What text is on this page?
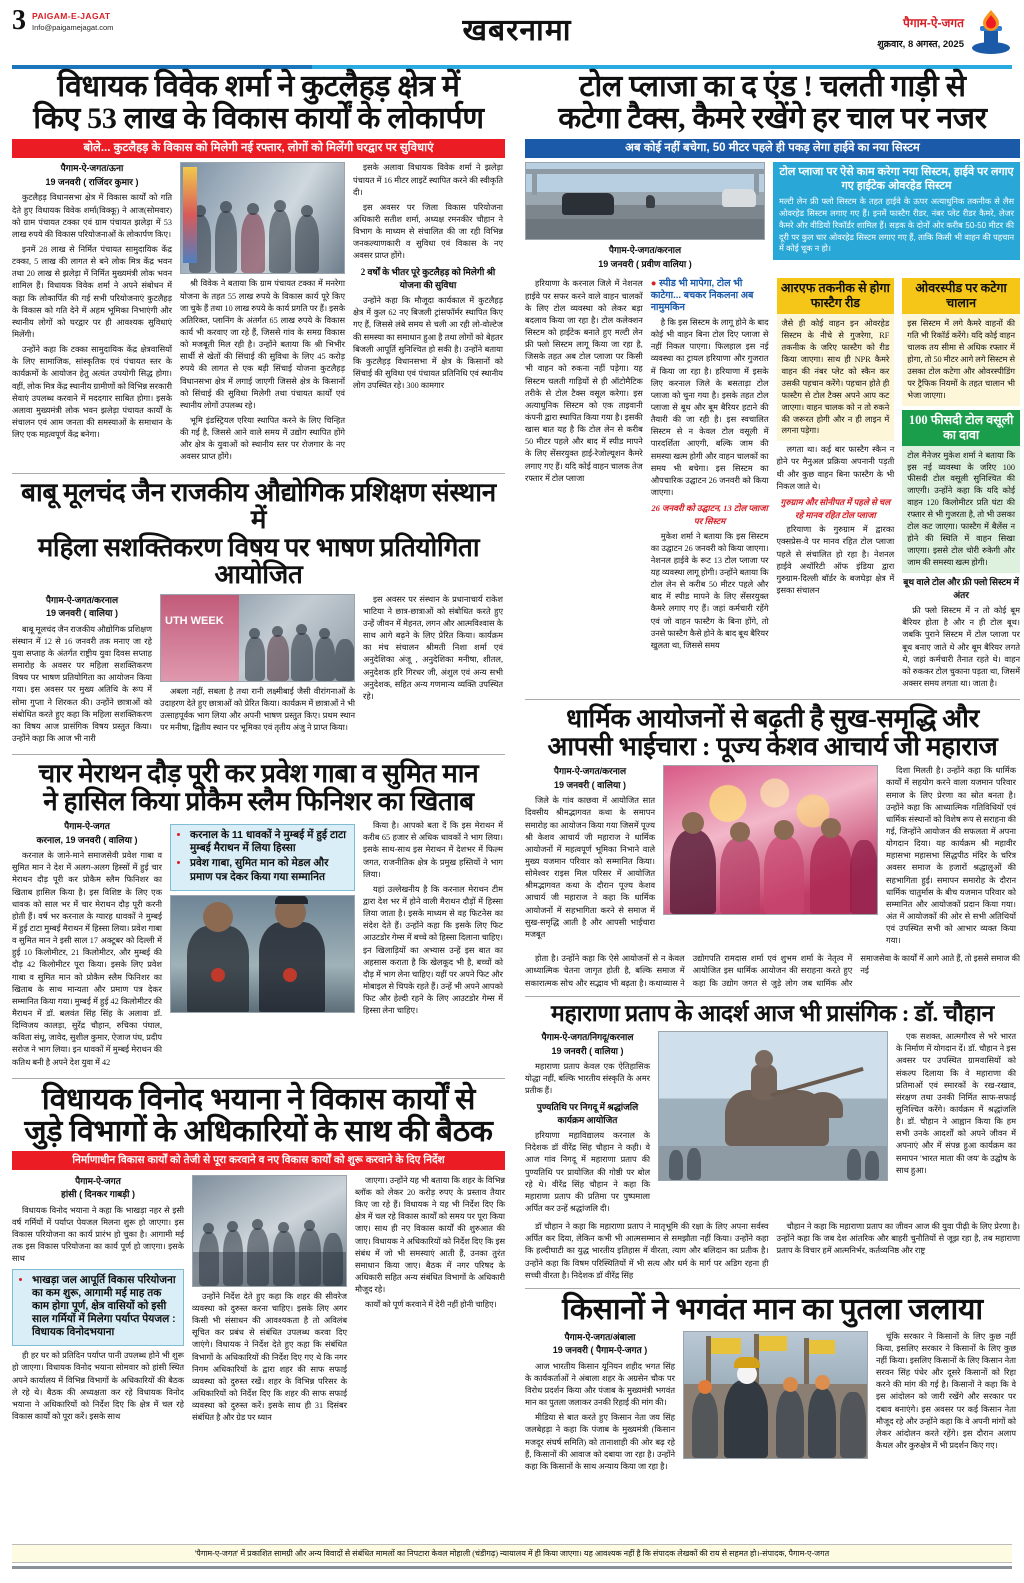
3 PAIGAM-E-JAGAT
Info@paigamejagat.com	खबरनामा	पैगाम-ऐ-जगत
शुक्रवार, 8 अगस्त, 2025
विधायक विवेक शर्मा ने कुटलैहड़ क्षेत्र में
किए 53 लाख के विकास कार्यों के लोकार्पण
बोले... कुटलैहड़ के विकास को मिलेगी नई रफ्तार, लोगों को मिलेंगी घरद्वार पर सुविधाएं
पैगाम-ऐ-जगत/ऊना
19 जनवरी ( राजिंदर कुमार )

कुटलैहड़ विधानसभा क्षेत्र में विकास कार्यों को गति देते हुए विधायक विवेक शर्मा(विक्कू) ने आज(सोमवार) को ग्राम पंचायत टक्का एवं ग्राम पंचायत झलेड़ा में 53 लाख रुपये की विकास परियोजनाओं के लोकार्पण किए।

इनमें 28 लाख से निर्मित पंचायत सामुदायिक केंद्र टक्का, 5 लाख की लागत से बने लोक मित्र केंद्र भवन तथा 20 लाख से झलेड़ा में निर्मित मुख्यमंत्री लोक भवन शामिल हैं। विधायक विवेक शर्मा ने अपने संबोधन में कहा कि लोकार्पित की गई सभी परियोजनाएं कुटलैहड़ के विकास को गति देने में अहम भूमिका निभाएंगी और स्थानीय लोगों को घरद्वार पर ही आवश्यक सुविधाएं मिलेंगी।

उन्होंने कहा कि टक्का सामुदायिक केंद्र क्षेत्रवासियों के लिए सामाजिक, सांस्कृतिक एवं पंचायत स्तर के कार्यक्रमों के आयोजन हेतु अत्यंत उपयोगी सिद्ध होगा। वहीं, लोक मित्र केंद्र स्थानीय ग्रामीणों को विभिन्न सरकारी सेवाएं उपलब्ध करवाने में मददगार साबित होगा। इसके अलावा मुख्यमंत्री लोक भवन झलेड़ा पंचायत कार्यों के संचालन एवं आम जनता की समस्याओं के समाधान के लिए एक महत्वपूर्ण केंद्र बनेगा।

श्री विवेक ने बताया कि ग्राम पंचायत टक्का में मनरेगा योजना के तहत 55 लाख रुपये के विकास कार्य पूरे किए जा चुके हैं तथा 10 लाख रुपये के कार्य प्रगति पर हैं। इसके अतिरिक्त, प्लानिंग के अंतर्गत 65 लाख रुपये के विकास कार्य भी करवाए जा रहे हैं, जिससे गांव के समग्र विकास को मजबूती मिल रही है। उन्होंने बताया कि श्री भिभीर सार्थी से खेतों की सिंचाई की सुविधा के लिए 45 करोड़ रुपये की लागत से एक बड़ी सिंचाई योजना कुटलैहड़ विधानसभा क्षेत्र में लगाई जाएगी जिससे क्षेत्र के किसानों को सिंचाई की सुविधा मिलेगी तथा पंचायत कार्यों एवं स्थानीय लोगों उपलब्ध रहे।

भूमि इंडस्ट्रियल एरिया स्थापित करने के लिए चिन्हित की गई है, जिससे आने वाले समय में उद्योग स्थापित होंगे और क्षेत्र के युवाओं को स्थानीय स्तर पर रोजगार के नए अवसर प्राप्त होंगे।

इसके अलावा विधायक विवेक शर्मा ने झलेड़ा पंचायत में 16 मीटर लाइटें स्थापित करने की स्वीकृति दी।

इस अवसर पर जिला विकास परियोजना अधिकारी सतीश शर्मा, अध्यक्ष रमनकीर चौहान ने विभाग के माध्यम से संचालित की जा रही विभिन्न जनकल्याणकारी व सुविधा एवं विकास के नए अवसर प्राप्त होंगे।

2 वर्षों के भीतर पूरे कुटलैहड़ को मिलेगी श्री योजना की सुविधा

उन्होंने कहा कि मौजूदा कार्यकाल में कुटलैहड़ क्षेत्र में कुल 62 नए बिजली ट्रांसफॉर्मर स्थापित किए गए हैं, जिससे लंबे समय से चली आ रही लो-वोल्टेज की समस्या का समाधान हुआ है तथा लोगों को बेहतर बिजली आपूर्ति सुनिश्चित हो सकी है। उन्होंने बताया कि कुटलैहड़ विधानसभा में क्षेत्र के किसानों को सिंचाई की सुविधा एवं पंचायत प्रतिनिधि एवं स्थानीय लोग उपस्थित रहे। 300 कामगार

बाबू मूलचंद जैन राजकीय औद्योगिक प्रशिक्षण संस्थान में
महिला सशक्तिकरण विषय पर भाषण प्रतियोगिता आयोजित
पैगाम-ऐ-जगत/करनाल
19 जनवरी ( वालिया )

बाबू मूलचंद जैन राजकीय औद्योगिक प्रशिक्षण संस्थान में 12 से 16 जनवरी तक मनाए जा रहे युवा सप्ताह के अंतर्गत राष्ट्रीय युवा दिवस सप्ताह समारोह के अवसर पर महिला सशक्तिकरण विषय पर भाषण प्रतियोगिता का आयोजन किया गया। इस अवसर पर मुख्य अतिथि के रूप में सोमा गुप्ता ने शिरकत की। उन्होंने छात्राओं को संबोधित करते हुए कहा कि महिला सशक्तिकरण का विषय आज प्रासंगिक विषय प्रस्तुत किया। उन्होंने कहा कि आज भी नारी

UTH WEEK

अबला नहीं, सबला है तथा रानी लक्ष्मीबाई जैसी वीरांगनाओं के उदाहरण देते हुए छात्राओं को प्रेरित किया। कार्यक्रम में छात्राओं ने भी उत्साहपूर्वक भाग लिया और अपनी भाषण प्रस्तुत किए। प्रथम स्थान पर मनीषा, द्वितीय स्थान पर भूमिका एवं तृतीय अंजु ने प्राप्त किया।

इस अवसर पर संस्थान के प्रधानाचार्य राकेश भाटिया ने छात्र-छात्राओं को संबोधित करते हुए उन्हें जीवन में मेहनत, लगन और आत्मविश्वास के साथ आगे बढ़ने के लिए प्रेरित किया। कार्यक्रम का मंच संचालन श्रीमती निशा शर्मा एवं अनुदेशिका अंजू , अनुदेशिका मनीषा, शीतल, अनुदेशक हरि गिरधर जी, अंशुल एवं अन्य सभी अनुदेशक, सहित अन्य गणमान्य व्यक्ति उपस्थित रहे।

चार मेराथन दौड़ पूरी कर प्रवेश गाबा व सुमित मान
ने हासिल किया प्रोकैम स्लैम फिनिशर का खिताब
पैगाम-ऐ-जगत
करनाल, 19 जनवरी ( वालिया )

करनाल के जाने-माने समाजसेवी प्रवेश गाबा व सुमित मान ने देश में अलग-अलग हिस्सों में हुई चार मेराथन दौड़ पूरी कर प्रोकैम स्लैम फिनिशर का खिताब हासिल किया है। इस विशिष्ट के लिए एक धावक को साल भर में चार मेराथन दौड़ पूरी करनी होती हैं। वर्ष भर करनाल के ग्यारह धावकों ने मुम्बई में हुई टाटा मुम्बई मैराथन में हिस्सा लिया। प्रवेश गाबा व सुमित मान ने इसी साल 17 अक्टूबर को दिल्ली में हुई 10 किलोमीटर, 21 किलोमीटर, और मुम्बई की दौड़ 42 किलोमीटर पूरा किया। इसके लिए प्रवेश गाबा व सुमित मान को प्रोकैम स्लैम फिनिशर का खिताब के साथ मान्यता और प्रमाण पत्र देकर सम्मानित किया गया। मुम्बई में हुई 42 किलोमीटर की मैराथन में डॉ. बलवंत सिंह सिंह के अलावा डॉ. दिग्विजय कालड़ा, सुरेंद्र चौहान, रुचिका पंघाल, कविता संधू, जावेद, सुशील कुमार, ऐजाज पंघ, प्रदीप सरोज ने भाग लिया। इन धावकों में मुम्बई मेराथन की कतिथ बनी है अपने देश युवा में 42

• करनाल के 11 धावकों ने मुम्बई में हुई टाटा मुम्बई मैराथन में लिया हिस्सा
• प्रवेश गाबा, सुमित मान को मेडल और प्रमाण पत्र देकर किया गया सम्मानित

किया है। आपको बता दें कि इस मेराथन में करीब 65 हजार से अधिक धावकों ने भाग लिया। इसके साथ-साथ इस मेराथन में देशभर में फिल्म जगत, राजनीतिक क्षेत्र के प्रमुख हस्तियों ने भाग लिया।

यहां उल्लेखनीय है कि करनाल मेराथन टीम द्वारा देश भर में होने वाली मैराथन दौड़ों में हिस्सा लिया जाता है। इसके माध्यम से वह फिटनेस का संदेश देते हैं। उन्होंने कहा कि इसके लिए फिट आउटडोर गेम्स में बच्चे को हिस्सा दिलाना चाहिए। इन खिलाड़ियों का अभ्यास उन्हें इस बात का अहसास कराता है कि खेलकूद भी है, बच्चों को दौड़ में भाग लेना चाहिए। यहीं पर अपने फिट और मोबाइल से चिपके रहते हैं। उन्हें भी अपने आपको फिट और हेल्दी रहने के लिए आउटडोर गेम्स में हिस्सा लेना चाहिए।

विधायक विनोद भयाना ने विकास कार्यों से
जुड़े विभागों के अधिकारियों के साथ की बैठक
निर्माणाधीन विकास कार्यों को तेजी से पूरा करवाने व नए विकास कार्यों को शुरू करवाने के दिए निर्देश
पैगाम-ऐ-जगत
हांसी ( दिनकर गाबड़ी )

विधायक विनोद भयाना ने कहा कि भाखड़ा नहर से इसी वर्ष गर्मियों में पर्याप्त पेयजल मिलना शुरू हो जाएगा। इस विकास परियोजना का कार्य प्रारंभ हो चुका है। आगामी मई तक इस विकास परियोजना का कार्य पूर्ण हो जाएगा। इसके साथ

• भाखड़ा जल आपूर्ति विकास परियोजना का कम शुरू, आगामी मई माह तक काम होगा पूर्ण, क्षेत्र वासियों को इसी साल गर्मियों में मिलेगा पर्याप्त पेयजल : विधायक विनोदभयाना

ही हर घर को प्रतिदिन पर्याप्त पानी उपलब्ध होने भी शुरू हो जाएगा। विधायक विनोद भयाना सोमवार को हांसी स्थित अपने कार्यालय में विभिन्न विभागों के अधिकारियों की बैठक ले रहे थे। बैठक की अध्यक्षता कर रहे विधायक विनोद भयाना ने अधिकारियों को निर्देश दिए कि क्षेत्र में चल रहे विकास कार्यों को पूरा करें। इसके साथ

उन्होंने निर्देश देते हुए कहा कि शहर की सीवरेज व्यवस्था को दुरुस्त करना चाहिए। इसके लिए अगर किसी भी संसाधन की आवश्यकता है तो अविलंब सूचित कर प्रबंध से संबंधित उपलब्ध करवा दिए जाएंगे। विधायक ने निर्देश देते हुए कहा कि संबंधित विभागों के अधिकारियों की निर्देश दिए गए थे कि नगर निगम अधिकारियों के द्वारा शहर की साफ सफाई व्यवस्था को दुरुस्त रखें। शहर के विभिन्न परिसर के अधिकारियों को निर्देश दिए कि शहर की साफ सफाई व्यवस्था को दुरुस्त करें। इसके साथ ही 31 दिसंबर संबंधित है और ग्रेड पर ध्यान

जाएगा। उन्होंने यह भी बताया कि शहर के विभिन्न ब्लॉक को लेकर 20 करोड़ रुपए के प्रस्ताव तैयार किए जा रहे हैं। विधायक ने यह भी निर्देश दिए कि क्षेत्र में चल रहे विकास कार्यों को समय पर पूरा किया जाए। साथ ही नए विकास कार्यों की शुरुआत की जाए। विधायक ने अधिकारियों को निर्देश दिए कि इस संबंध में जो भी समस्याएं आती हैं, उनका तुरंत समाधान किया जाए। बैठक में नगर परिषद के अधिकारी सहित अन्य संबंधित विभागों के अधिकारी मौजूद रहे।

कार्यों को पूर्ण करवाने में देरी नहीं होनी चाहिए।

टोल प्लाजा का द एंड ! चलती गाड़ी से
कटेगा टैक्स, कैमरे रखेंगे हर चाल पर नजर
अब कोई नहीं बचेगा, 50 मीटर पहले ही पकड़ लेगा हाईवे का नया सिस्टम
पैगाम-ऐ-जगत/करनाल
19 जनवरी ( प्रवीण वालिया )
टोल प्लाजा पर ऐसे काम करेगा नया सिस्टम, हाईवे पर लगाए गए हाईटेक ओवरहेड सिस्टम
मल्टी लेन फ्री फ्लो सिस्टम के तहत हाईवे के ऊपर अत्याधुनिक तकनीक से लैस ओवरहेड सिस्टम लगाए गए हैं। इनमें फास्टैग रीडर, नंबर प्लेट रीडर कैमरे, लेजर कैमरे और वीडियो रिकॉर्डर शामिल हैं। सड़क के दोनों ओर करीब 50-50 मीटर की दूरी पर कुल चार ओवरहेड सिस्टम लगाए गए हैं, ताकि किसी भी वाहन की पहचान में कोई चूक न हो।

हरियाणा के करनाल जिले में नेशनल हाईवे पर सफर करने वाले वाहन चालकों के लिए टोल व्यवस्था को लेकर बड़ा बदलाव किया जा रहा है। टोल कलेक्शन सिस्टम को हाईटेक बनाते हुए मल्टी लेन फ्री फ्लो सिस्टम लागू किया जा रहा है, जिसके तहत अब टोल प्लाजा पर किसी भी वाहन को रुकना नहीं पड़ेगा। यह सिस्टम चलती गाड़ियों से ही ऑटोमैटिक तरीके से टोल टैक्स वसूल करेगा। इस अत्याधुनिक सिस्टम को एक ताइवानी कंपनी द्वारा स्थापित किया गया है। इसकी खास बात यह है कि टोल लेन से करीब 50 मीटर पहले और बाद में स्पीड मापने के लिए सेंसरयुक्त हाई-रेजोल्यूशन कैमरे लगाए गए हैं। यदि कोई वाहन चालक तेज रफ्तार में टोल प्लाजा

● स्पीड भी मापेगा, टोल भी काटेगा... बचकर निकलना अब नामुमकिन

है कि इस सिस्टम के लागू होने के बाद कोई भी वाहन बिना टोल दिए प्लाजा से नहीं निकल पाएगा। फिलहाल इस नई व्यवस्था का ट्रायल हरियाणा और गुजरात में किया जा रहा है। हरियाणा में इसके लिए करनाल जिले के बसताड़ा टोल प्लाजा को चुना गया है। इसके तहत टोल प्लाजा से बूथ और बूम बैरियर हटाने की तैयारी की जा रही है। इस स्वचालित सिस्टम से न केवल टोल वसूली में पारदर्शिता आएगी, बल्कि जाम की समस्या खत्म होगी और वाहन चालकों का समय भी बचेगा। इस सिस्टम का औपचारिक उद्घाटन 26 जनवरी को किया जाएगा।

26 जनवरी को उद्घाटन, 13 टोल प्लाजा पर सिस्टम

मुकेश शर्मा ने बताया कि इस सिस्टम का उद्घाटन 26 जनवरी को किया जाएगा। नेशनल हाईवे के रूट 13 टोल प्लाजा पर यह व्यवस्था लागू होगी। उन्होंने बताया कि टोल लेन से करीब 50 मीटर पहले और बाद में स्पीड मापने के लिए सेंसरयुक्त कैमरे लगाए गए हैं। जहां कर्मचारी रहेंगे एवं जो वाहन फास्टैग के बिना होंगे, तो उनसे फास्टैग कैसे होने के बाद बूथ बैरियर खुलता था, जिससे समय

आरएफ तकनीक से होगा फास्टैग रीड
जैसे ही कोई वाहन इन ओवरहेड सिस्टम के नीचे से गुजरेगा, RF तकनीक के जरिए फास्टैग को रीड किया जाएगा। साथ ही NPR कैमरे वाहन की नंबर प्लेट को स्कैन कर उसकी पहचान करेंगे। पहचान होते ही फास्टैग से टोल टैक्स अपने आप कट जाएगा। वाहन चालक को न तो रुकने की जरूरत होगी और न ही लाइन में लगना पड़ेगा।

लगता था। कई बार फास्टैग स्कैन न होने पर मैनुअल प्रक्रिया अपनानी पड़ती थी और कुछ वाहन बिना फास्टैग के भी निकल जाते थे।

गुरुग्राम और सोनीपत में पहले से चल रहे मानव रहित टोल प्लाजा

हरियाणा के गुरुग्राम में द्वारका एक्सप्रेस-वे पर मानव रहित टोल प्लाजा पहले से संचालित हो रहा है। नेशनल हाईवे अथॉरिटी ऑफ इंडिया द्वारा गुरुग्राम-दिल्ली बॉर्डर के बजघेड़ा क्षेत्र में इसका संचालन

ओवरस्पीड पर कटेगा चालान
इस सिस्टम में लगे कैमरे वाहनों की गति भी रिकॉर्ड करेंगे। यदि कोई वाहन चालक तय सीमा से अधिक रफ्तार में होगा, तो 50 मीटर आगे लगे सिस्टम से उसका टोल कटेगा और ओवरस्पीडिंग पर ट्रैफिक नियमों के तहत चालान भी भेजा जाएगा।
100 फीसदी टोल वसूली का दावा
टोल मैनेजर मुकेश शर्मा ने बताया कि इस नई व्यवस्था के जरिए 100 फीसदी टोल वसूली सुनिश्चित की जाएगी। उन्होंने कहा कि यदि कोई वाहन 120 किलोमीटर प्रति घंटा की रफ्तार से भी गुजरता है, तो भी उसका टोल कट जाएगा। फास्टैग में बैलेंस न होने की स्थिति में वाहन सिखा जाएगा। इससे टोल चोरी रुकेगी और जाम की समस्या खत्म होगी।

बूथ वाले टोल और फ्री फ्लो सिस्टम में अंतर

फ्री फ्लो सिस्टम में न तो कोई बूम बैरियर होता है और न ही टोल बूथ। जबकि पुराने सिस्टम में टोल प्लाजा पर बूथ बनाए जाते थे और बूम बैरियर लगते थे, जहां कर्मचारी तैनात रहते थे। वाहन को रुककर टोल चुकाना पड़ता था, जिसमें अक्सर समय लगता था। जाता है।

धार्मिक आयोजनों से बढ़ती है सुख-समृद्धि और
आपसी भाईचारा : पूज्य केशव आचार्य जी महाराज
पैगाम-ऐ-जगत/करनाल
19 जनवरी ( वालिया )

जिले के गांव काछवा में आयोजित सात दिवसीय श्रीमद्भागवत कथा के समापन समारोह का आयोजन किया गया जिसमें पूज्य श्री केशव आचार्य जी महाराज ने धार्मिक आयोजनों में महत्वपूर्ण भूमिका निभाने वाले मुख्य यजमान परिवार को सम्मानित किया। सोमेश्वर राइस मिल परिसर में आयोजित श्रीमद्भागवत कथा के दौरान पूज्य केशव आचार्य जी महाराज ने कहा कि धार्मिक आयोजनों में सहभागिता करने से समाज में सुख-समृद्धि आती है और आपसी भाईचारा मजबूत

दिशा मिलती है। उन्होंने कहा कि धार्मिक कार्यों में सहयोग करने वाला यजमान परिवार समाज के लिए प्रेरणा का स्रोत बनता है। उन्होंने कहा कि आध्यात्मिक गतिविधियों एवं धार्मिक संस्थानों को विशेष रूप से सराहना की गई, जिन्होंने आयोजन की सफलता में अपना योगदान दिया। यह कार्यक्रम श्री महावीर महासभा महासभा सिद्धपीठ मंदिर के चरित्र अवसर समाज के हजारों श्रद्धालुओं की सहभागिता हुई। समापन समारोह के दौरान धार्मिक चातुर्मास के बीच यजमान परिवार को सम्मानित और आयोजकों प्रदान किया गया। अंत में आयोजकों की ओर से सभी अतिथियों एवं उपस्थित सभी को आभार व्यक्त किया गया।

होता है। उन्होंने कहा कि ऐसे आयोजनों से न केवल आध्यात्मिक चेतना जागृत होती है, बल्कि समाज में सकारात्मक सोच और सद्भाव भी बढ़ता है। कथाव्यास ने उद्योगपति रामदास शर्मा एवं शुभम शर्मा के नेतृत्व में आयोजित इस धार्मिक आयोजन की सराहना करते हुए कहा कि उद्योग जगत से जुड़े लोग जब धार्मिक और समाजसेवा के कार्यों में आगे आते हैं, तो इससे समाज की नई

महाराणा प्रताप के आदर्श आज भी प्रासंगिक : डॉ. चौहान
पैगाम-ऐ-जगत/निगदू/करनाल
19 जनवरी ( वालिया )

महाराणा प्रताप केवल एक ऐतिहासिक योद्धा नहीं, बल्कि भारतीय संस्कृति के अमर प्रतीक हैं।

पुण्यतिथि पर निगदू में श्रद्धांजलि कार्यक्रम आयोजित

हरियाणा महाविद्यालय करनाल के निदेशक डॉ वीरेंद्र सिंह चौहान ने कही। वे आज गांव निगदू में महाराणा प्रताप की पुण्यतिथि पर प्रायोजित की गोष्ठी पर बोल रहे थे। वीरेंद्र सिंह चौहान ने कहा कि महाराणा प्रताप की प्रतिमा पर पुष्पमाला अर्पित कर उन्हें श्रद्धांजलि दी।

एक सशक्त, आत्मगौरव से भरे भारत के निर्माण में योगदान दें। डॉ. चौहान ने इस अवसर पर उपस्थित ग्रामवासियों को संकल्प दिलाया कि वे महाराणा की प्रतिमाओं एवं स्मारकों के रख-रखाव, संरक्षण तथा उनकी निर्मित साफ-सफाई सुनिश्चित करेंगे। कार्यक्रम में श्रद्धांजलि है। डॉ. चौहान ने आह्वान किया कि हम सभी उनके आदर्शों को अपने जीवन में अपनाएं और में संपन्न हुआ कार्यक्रम का समापन 'भारत माता की जय' के उद्घोष के साथ हुआ।

डॉ चौहान ने कहा कि महाराणा प्रताप ने मातृभूमि की रक्षा के लिए अपना सर्वस्व अर्पित कर दिया, लेकिन कभी भी आत्मसम्मान से समझौता नहीं किया। उन्होंने कहा कि हल्दीघाटी का युद्ध भारतीय इतिहास में वीरता, त्याग और बलिदान का प्रतीक है। उन्होंने कहा कि विषम परिस्थितियों में भी सत्य और धर्म के मार्ग पर अडिग रहना ही सच्ची वीरता है। निदेशक डॉ वीरेंद्र सिंह

चौहान ने कहा कि महाराणा प्रताप का जीवन आज की युवा पीढ़ी के लिए प्रेरणा है। उन्होंने कहा कि जब देश आंतरिक और बाहरी चुनौतियों से जूझ रहा है, तब महाराणा प्रताप के विचार हमें आत्मनिर्भर, कर्तव्यनिष्ठ और राष्ट्र

किसानों ने भगवंत मान का पुतला जलाया
पैगाम-ऐ-जगत/अंबाला
19 जनवरी ( पैगाम-ऐ-जगत )

आज भारतीय किसान यूनियन शहीद भगत सिंह के कार्यकर्ताओं ने अंबाला शहर के अग्रसेन चौक पर विरोध प्रदर्शन किया और पंजाब के मुख्यमंत्री भगवंत मान का पुतला जलाकर उनकी रिहाई की मांग की।

मीडिया से बात करते हुए किसान नेता जय सिंह जलबेहड़ा ने कहा कि पंजाब के मुख्यमंत्री (किसान मजदूर संघर्ष समिति) को तानाशाही की ओर बढ़ रहे हैं, किसानों की आवाज को दबाया जा रहा है। उन्होंने कहा कि किसानों के साथ अन्याय किया जा रहा है।

चूंकि सरकार ने किसानों के लिए कुछ नहीं किया, इसलिए सरकार ने किसानों के लिए कुछ नहीं किया। इसलिए किसानों के लिए किसान नेता सरवन सिंह पंधेर और दूसरे किसानों को रिहा करने की मांग की गई है। किसानों ने कहा कि वे इस आंदोलन को जारी रखेंगे और सरकार पर दबाव बनाएंगे। इस अवसर पर कई किसान नेता मौजूद रहे और उन्होंने कहा कि वे अपनी मांगों को लेकर आंदोलन करते रहेंगे। इस दौरान अलाप कैथल और कुरुक्षेत्र में भी प्रदर्शन किए गए।

'पैगाम-ए-जगत' में प्रकाशित सामग्री और अन्य विवादों से संबंधित मामलों का निपटारा केवल मोहाली (चंडीगढ़) न्यायालय में ही किया जाएगा। यह आवश्यक नहीं है कि संपादक लेखकों की राय से सहमत हो।-संपादक, पैगाम-ए-जगत
